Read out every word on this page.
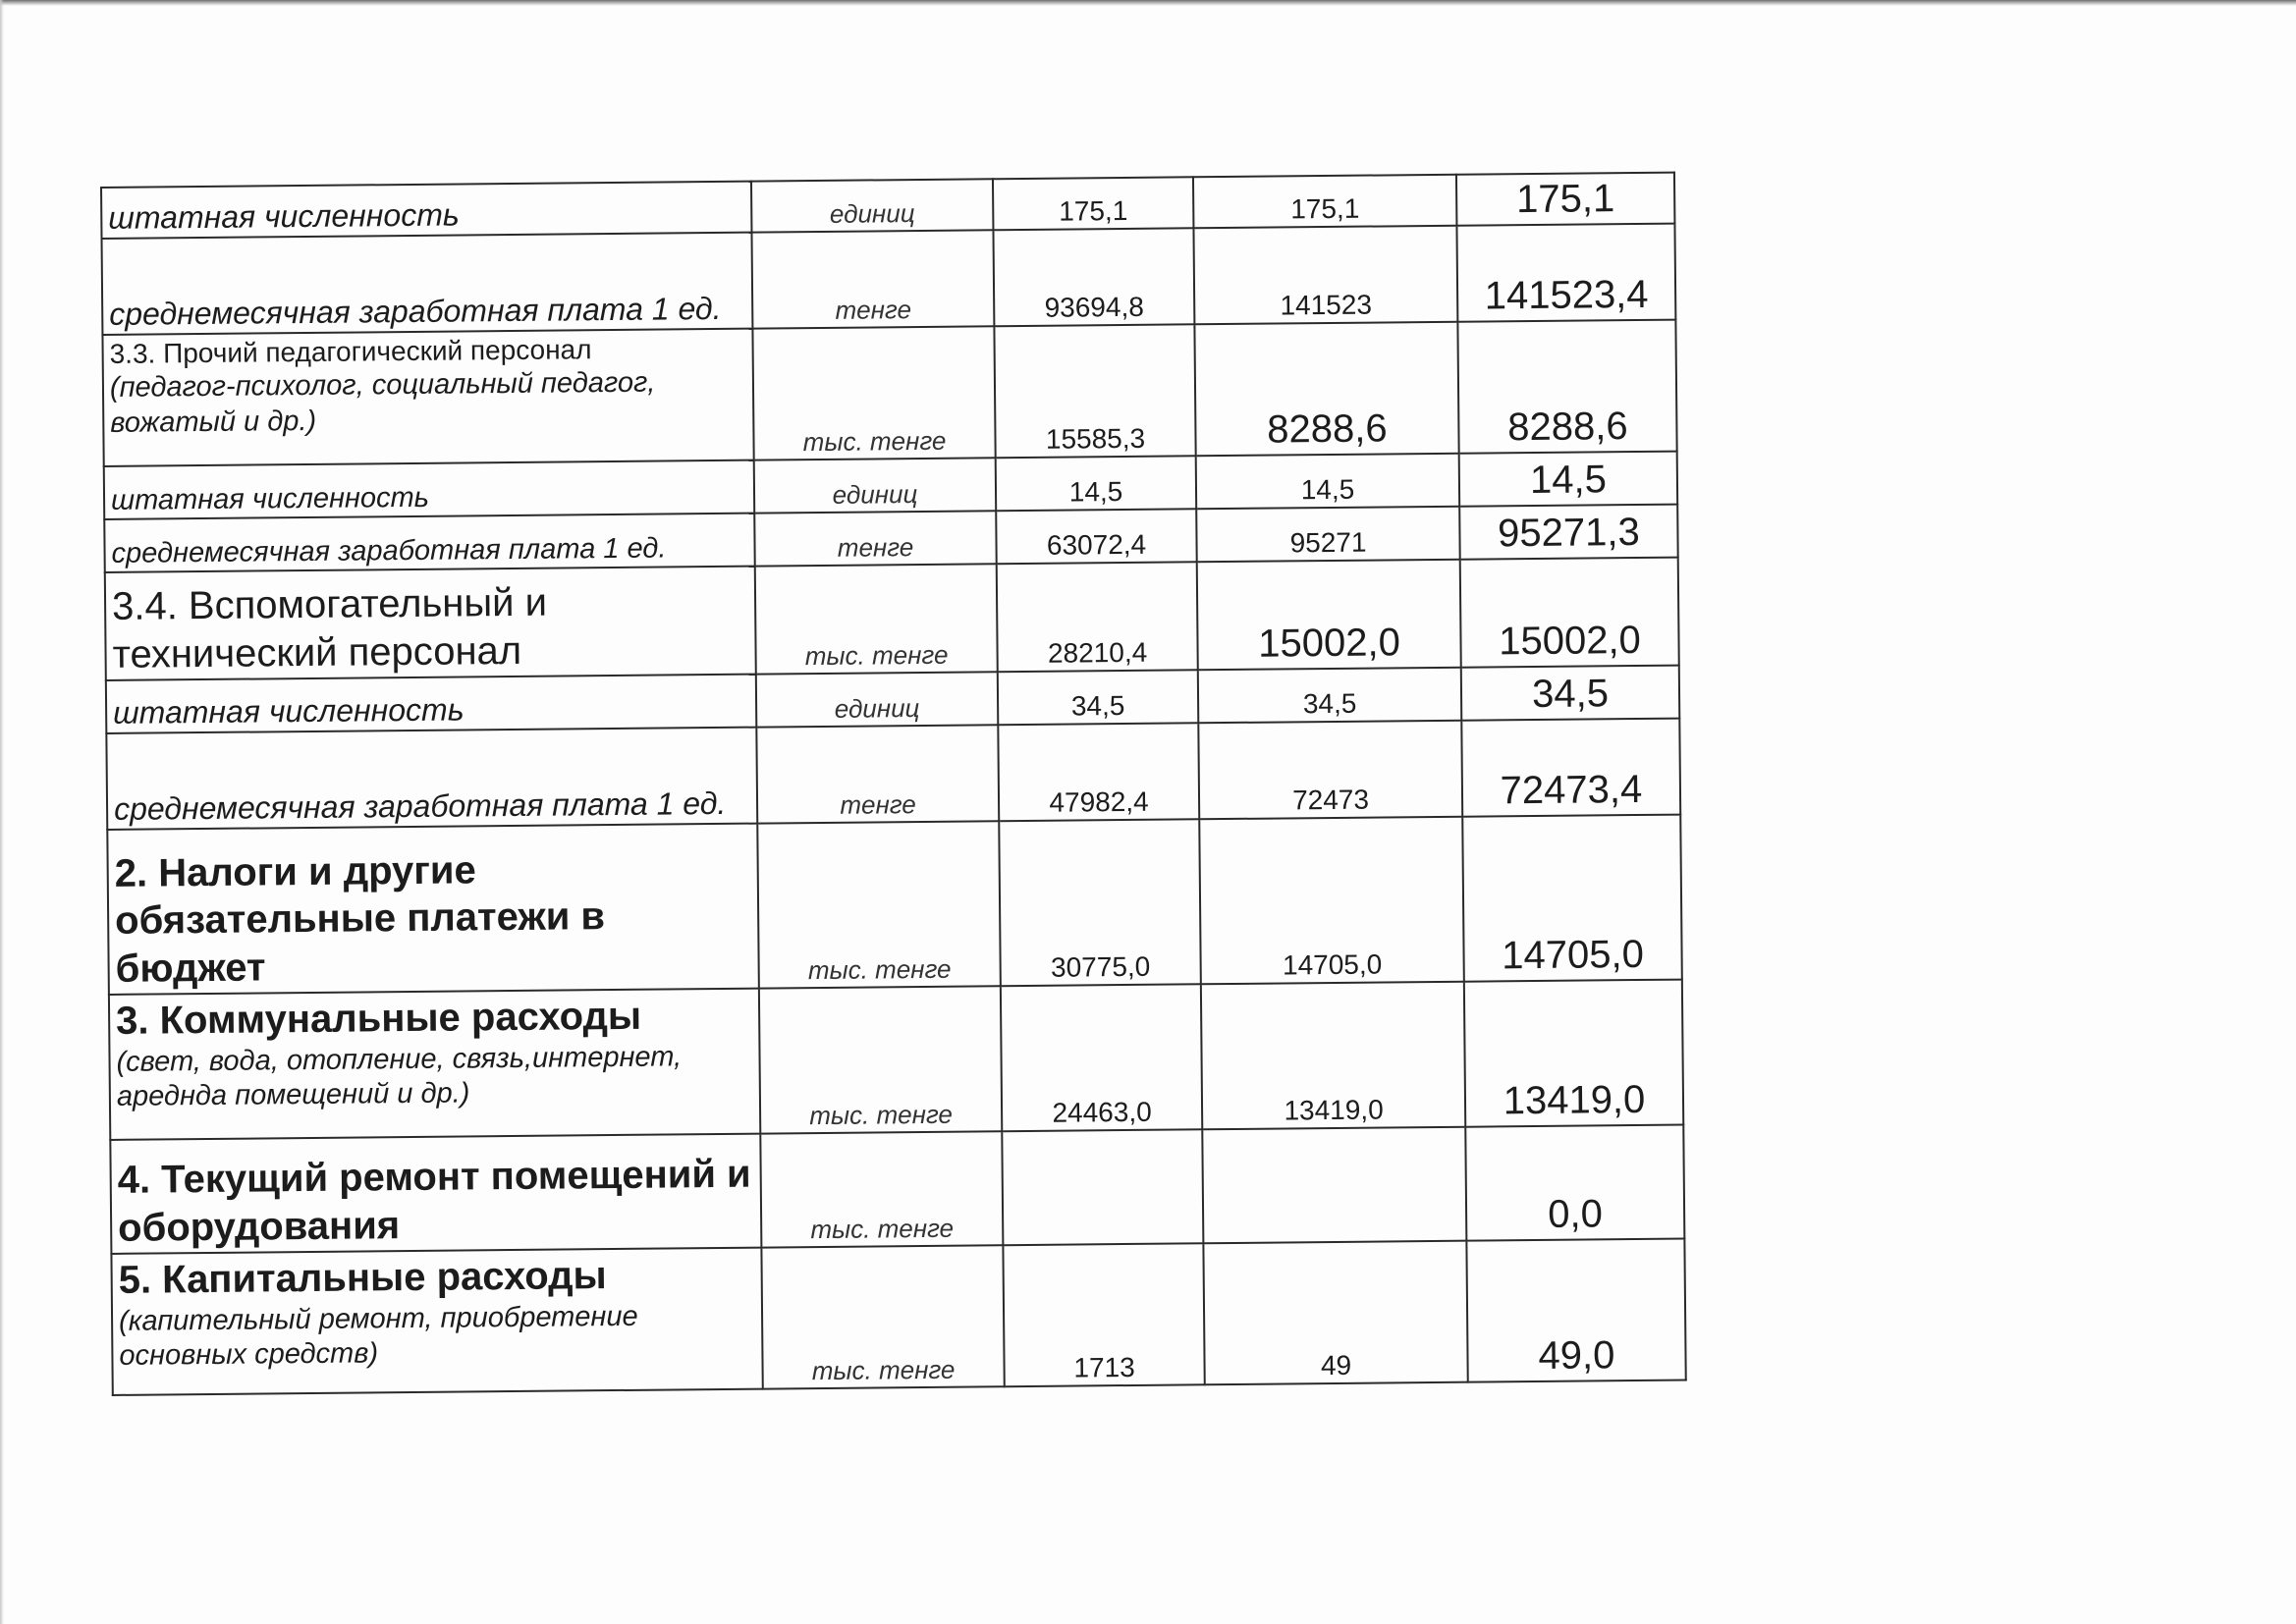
штатная численность	единиц	175,1	175,1	175,1
среднемесячная заработная плата 1 ед.	тенге	93694,8	141523	141523,4

3.3. Прочий педагогический персонал
(педагог-психолог, социальный педагог, вожатый и др.)	тыс. тенге	15585,3	8288,6	8288,6
штатная численность	единиц	14,5	14,5	14,5
среднемесячная заработная плата 1 ед.	тенге	63072,4	95271	95271,3
3.4. Вспомогательный и технический персонал	тыс. тенге	28210,4	15002,0	15002,0
штатная численность	единиц	34,5	34,5	34,5
среднемесячная заработная плата 1 ед.	тенге	47982,4	72473	72473,4
2. Налоги и другие обязательные платежи в бюджет	тыс. тенге	30775,0	14705,0	14705,0

3. Коммунальные расходы
(свет, вода, отопление, связь,интернет, ареднда помещений и др.)	тыс. тенге	24463,0	13419,0	13419,0
4. Текущий ремонт помещений и оборудования	тыс. тенге			0,0

5. Капитальные расходы
(капительный ремонт, приобретение основных средств)	тыс. тенге	1713	49	49,0
